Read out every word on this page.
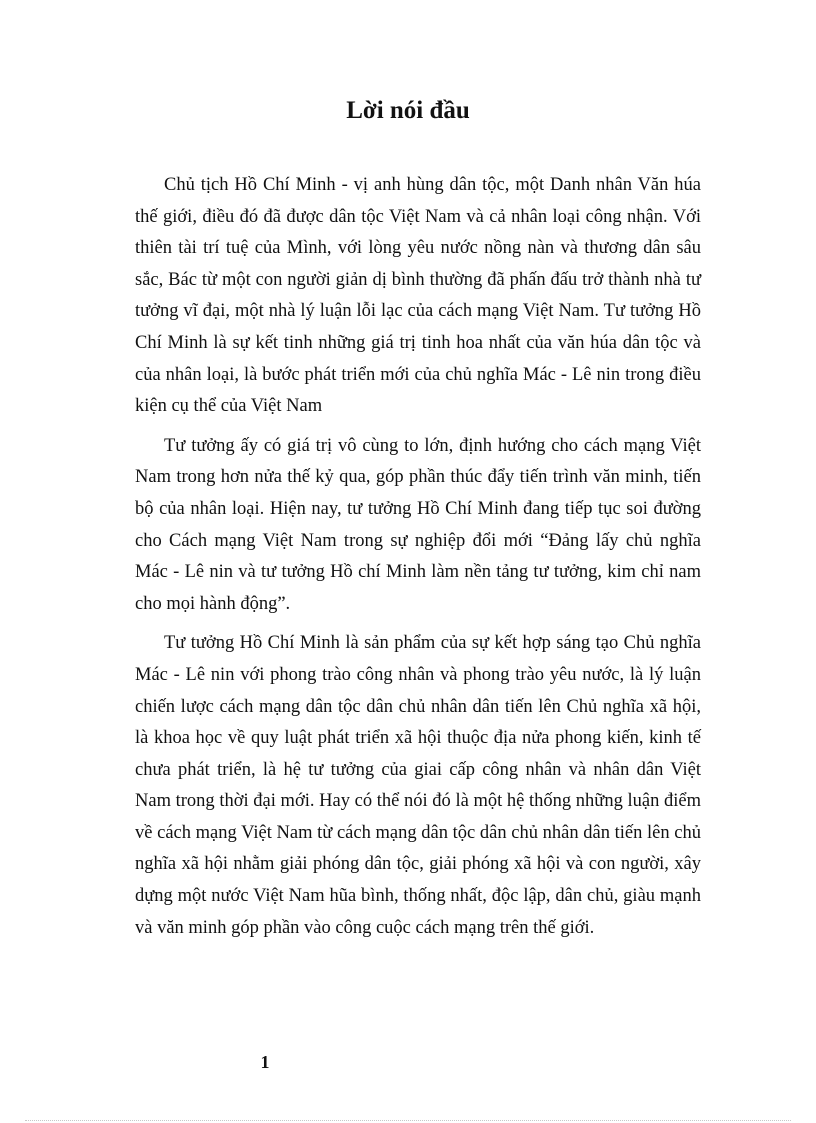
Lời nói đầu

Chủ tịch Hồ Chí Minh - vị anh hùng dân tộc, một Danh nhân Văn húa thế giới, điều đó đã được dân tộc Việt Nam và cả nhân loại công nhận. Với thiên tài trí tuệ của Mình, với lòng yêu nước nồng nàn và thương dân sâu sắc, Bác từ một con người giản dị bình thường đã phấn đấu trở thành nhà tư tưởng vĩ đại, một nhà lý luận lỗi lạc của cách mạng Việt Nam. Tư tưởng Hồ Chí Minh là sự kết tinh những giá trị tinh hoa nhất của văn húa dân tộc và của nhân loại, là bước phát triển mới của chủ nghĩa Mác - Lê nin trong điều kiện cụ thể của Việt Nam

Tư tưởng ấy có giá trị vô cùng to lớn, định hướng cho cách mạng Việt Nam trong hơn nửa thế kỷ qua, góp phần thúc đẩy tiến trình văn minh, tiến bộ của nhân loại. Hiện nay, tư tưởng Hồ Chí Minh đang tiếp tục soi đường cho Cách mạng Việt Nam trong sự nghiệp đổi mới “Đảng lấy chủ nghĩa Mác - Lê nin và tư tưởng Hồ chí Minh làm nền tảng tư tưởng, kim chỉ nam cho mọi hành động”.

Tư tưởng Hồ Chí Minh là sản phẩm của sự kết hợp sáng tạo Chủ nghĩa Mác - Lê nin với phong trào công nhân và phong trào yêu nước, là lý luận chiến lược cách mạng dân tộc dân chủ nhân dân tiến lên Chủ nghĩa xã hội, là khoa học về quy luật phát triển xã hội thuộc địa nửa phong kiến, kinh tế chưa phát triển, là hệ tư tưởng của giai cấp công nhân và nhân dân Việt Nam trong thời đại mới. Hay có thể nói đó là một hệ thống những luận điểm về cách mạng Việt Nam từ cách mạng dân tộc dân chủ nhân dân tiến lên chủ nghĩa xã hội nhằm giải phóng dân tộc, giải phóng xã hội và con người, xây dựng một nước Việt Nam hũa bình, thống nhất, độc lập, dân chủ, giàu mạnh và văn minh góp phần vào công cuộc cách mạng trên thế giới.

1
